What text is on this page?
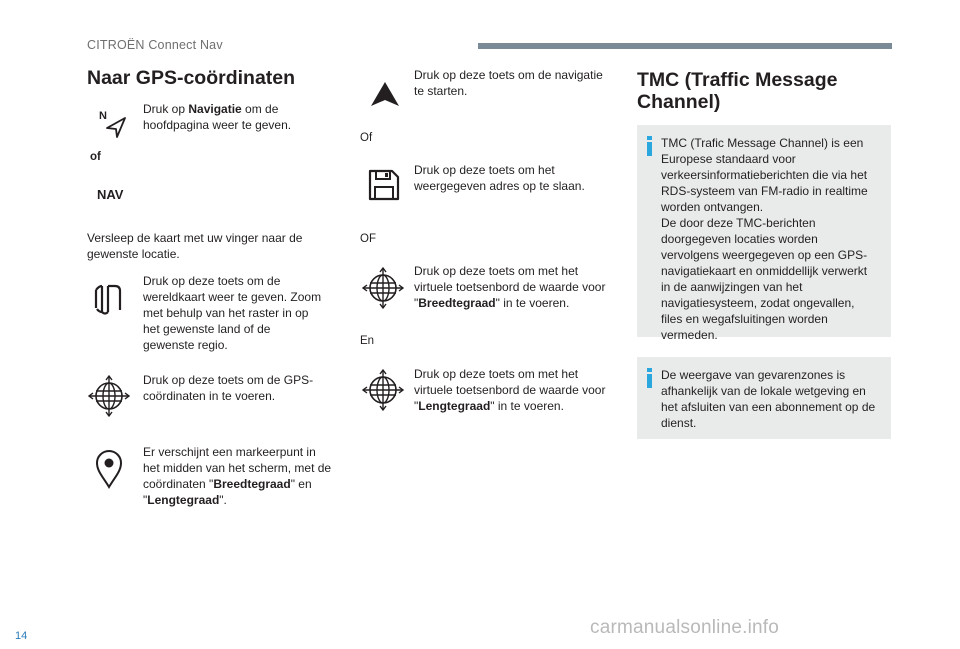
CITROËN Connect Nav
Naar GPS-coördinaten
N	Druk op Navigatie om de hoofdpagina weer te geven.
of
NAV
Versleep de kaart met uw vinger naar de gewenste locatie.
Druk op deze toets om de wereldkaart weer te geven. Zoom met behulp van het raster in op het gewenste land of de gewenste regio.
Druk op deze toets om de GPS-coördinaten in te voeren.
Er verschijnt een markeerpunt in het midden van het scherm, met de coördinaten "Breedtegraad" en "Lengtegraad".
Druk op deze toets om de navigatie te starten.
Of
Druk op deze toets om het weergegeven adres op te slaan.
OF
Druk op deze toets om met het virtuele toetsenbord de waarde voor "Breedtegraad" in te voeren.
En
Druk op deze toets om met het virtuele toetsenbord de waarde voor "Lengtegraad" in te voeren.
TMC (Traffic Message
Channel)
TMC (Trafic Message Channel) is een Europese standaard voor verkeersinformatieberichten die via het RDS-systeem van FM-radio in realtime worden ontvangen.
De door deze TMC-berichten doorgegeven locaties worden vervolgens weergegeven op een GPS-navigatiekaart en onmiddellijk verwerkt in de aanwijzingen van het navigatiesysteem, zodat ongevallen, files en wegafsluitingen worden vermeden.
De weergave van gevarenzones is afhankelijk van de lokale wetgeving en het afsluiten van een abonnement op de dienst.
14	carmanualsonline.info
